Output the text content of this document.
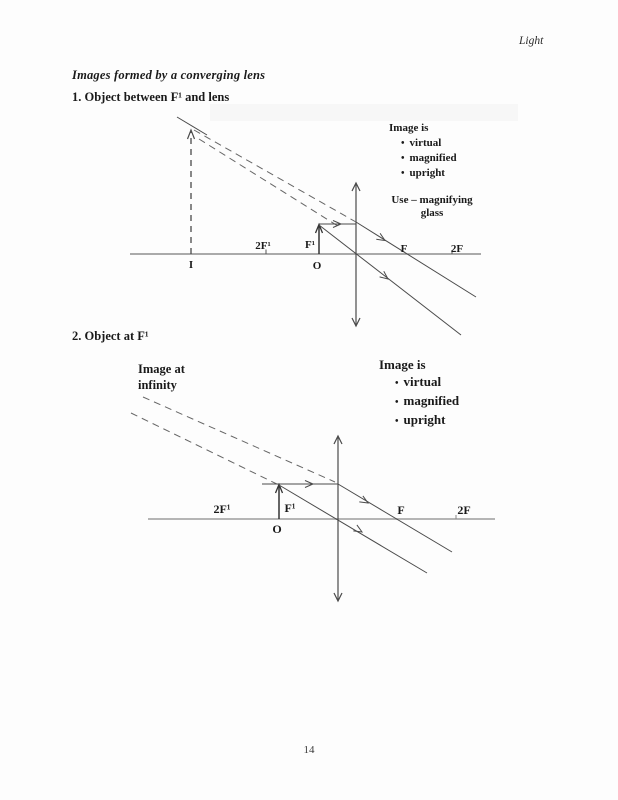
Light
Images formed by a converging lens
1. Object between F¹ and lens
I
2F¹	F¹
O
F	2F
Image is
• virtual
• magnified
• upright
Use – magnifying
glass
2. Object at F¹
2F¹	F¹
O
F	2F
Image at
infinity
Image is
• virtual
• magnified
• upright
14
